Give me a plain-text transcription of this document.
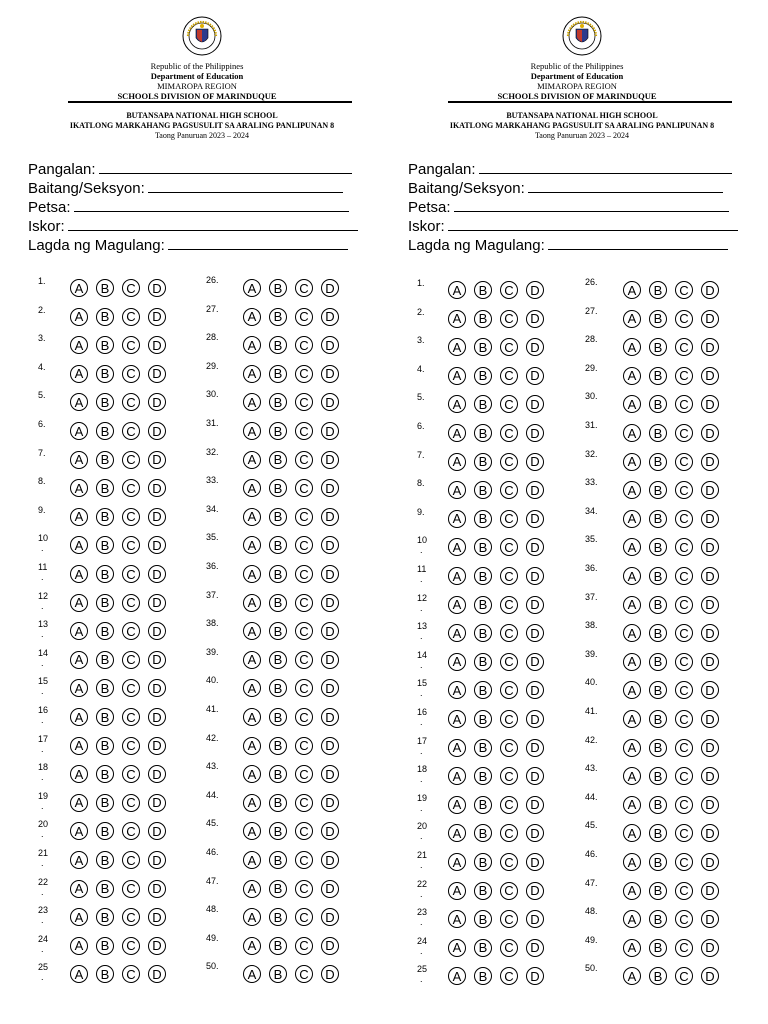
Republic of the Philippines
Department of Education
MIMAROPA REGION
SCHOOLS DIVISION OF MARINDUQUE
BUTANSAPA NATIONAL HIGH SCHOOL
IKATLONG MARKAHANG PAGSUSULIT SA ARALING PANLIPUNAN 8
Taong Panuruan 2023 – 2024
Pangalan:
Baitang/Seksyon:
Petsa:
Iskor:
Lagda ng Magulang:
1.	A	B	C	D
2.	A	B	C	D
3.	A	B	C	D
4.	A	B	C	D
5.	A	B	C	D
6.	A	B	C	D
7.	A	B	C	D
8.	A	B	C	D
9.	A	B	C	D
10
.	A	B	C	D
11
.	A	B	C	D
12
.	A	B	C	D
13
.	A	B	C	D
14
.	A	B	C	D
15
.	A	B	C	D
16
.	A	B	C	D
17
.	A	B	C	D
18
.	A	B	C	D
19
.	A	B	C	D
20
.	A	B	C	D
21
.	A	B	C	D
22
.	A	B	C	D
23
.	A	B	C	D
24
.	A	B	C	D
25
.	A	B	C	D
26.
A	B	C	D
27.
A	B	C	D
28.
A	B	C	D
29.
A	B	C	D
30.
A	B	C	D
31.
A	B	C	D
32.
A	B	C	D
33.
A	B	C	D
34.
A	B	C	D
35.
A	B	C	D
36.
A	B	C	D
37.
A	B	C	D
38.
A	B	C	D
39.
A	B	C	D
40.
A	B	C	D
41.
A	B	C	D
42.
A	B	C	D
43.
A	B	C	D
44.
A	B	C	D
45.
A	B	C	D
46.
A	B	C	D
47.
A	B	C	D
48.
A	B	C	D
49.
A	B	C	D
50.
A	B	C	D
Republic of the Philippines
Department of Education
MIMAROPA REGION
SCHOOLS DIVISION OF MARINDUQUE
BUTANSAPA NATIONAL HIGH SCHOOL
IKATLONG MARKAHANG PAGSUSULIT SA ARALING PANLIPUNAN 8
Taong Panuruan 2023 – 2024
Pangalan:
Baitang/Seksyon:
Petsa:
Iskor:
Lagda ng Magulang:
1.	A	B	C	D
2.	A	B	C	D
3.	A	B	C	D
4.	A	B	C	D
5.	A	B	C	D
6.	A	B	C	D
7.	A	B	C	D
8.	A	B	C	D
9.	A	B	C	D
10
.	A	B	C	D
11
.	A	B	C	D
12
.	A	B	C	D
13
.	A	B	C	D
14
.	A	B	C	D
15
.	A	B	C	D
16
.	A	B	C	D
17
.	A	B	C	D
18
.	A	B	C	D
19
.	A	B	C	D
20
.	A	B	C	D
21
.	A	B	C	D
22
.	A	B	C	D
23
.	A	B	C	D
24
.	A	B	C	D
25
.	A	B	C	D
26.
A	B	C	D
27.
A	B	C	D
28.
A	B	C	D
29.
A	B	C	D
30.
A	B	C	D
31.
A	B	C	D
32.
A	B	C	D
33.
A	B	C	D
34.
A	B	C	D
35.
A	B	C	D
36.
A	B	C	D
37.
A	B	C	D
38.
A	B	C	D
39.
A	B	C	D
40.
A	B	C	D
41.
A	B	C	D
42.
A	B	C	D
43.
A	B	C	D
44.
A	B	C	D
45.
A	B	C	D
46.
A	B	C	D
47.
A	B	C	D
48.
A	B	C	D
49.
A	B	C	D
50.
A	B	C	D
